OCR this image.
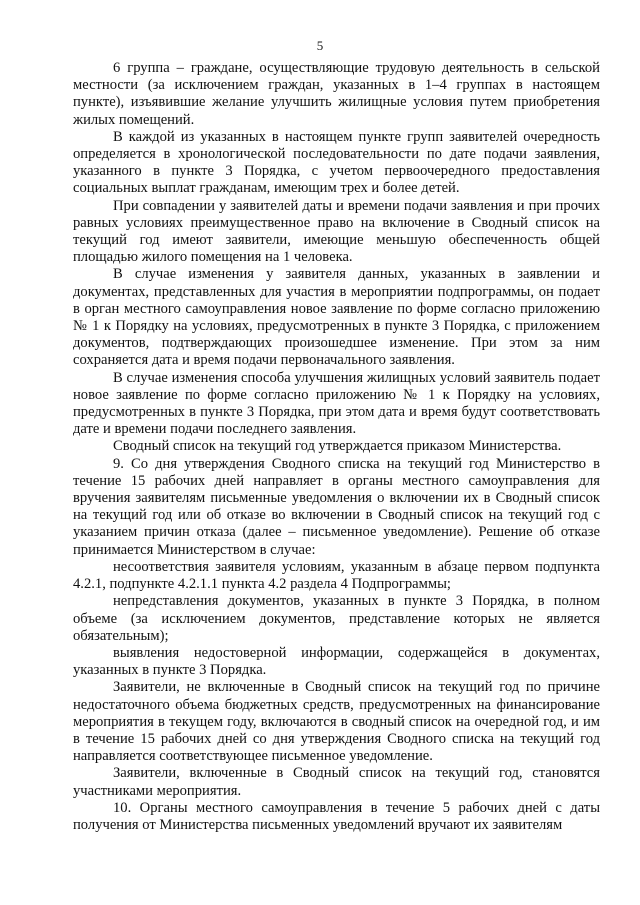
5

6 группа – граждане, осуществляющие трудовую деятельность в сельской местности (за исключением граждан, указанных в 1–4 группах в настоящем пункте), изъявившие желание улучшить жилищные условия путем приобретения жилых помещений.

В каждой из указанных в настоящем пункте групп заявителей очередность определяется в хронологической последовательности по дате подачи заявления, указанного в пункте 3 Порядка, с учетом первоочередного предоставления социальных выплат гражданам, имеющим трех и более детей.

При совпадении у заявителей даты и времени подачи заявления и при прочих равных условиях преимущественное право на включение в Сводный список на текущий год имеют заявители, имеющие меньшую обеспеченность общей площадью жилого помещения на 1 человека.

В случае изменения у заявителя данных, указанных в заявлении и документах, представленных для участия в мероприятии подпрограммы, он подает в орган местного самоуправления новое заявление по форме согласно приложению № 1 к Порядку на условиях, предусмотренных в пункте 3 Порядка, с приложением документов, подтверждающих произошедшее изменение. При этом за ним сохраняется дата и время подачи первоначального заявления.

В случае изменения способа улучшения жилищных условий заявитель подает новое заявление по форме согласно приложению № 1 к Порядку на условиях, предусмотренных в пункте 3 Порядка, при этом дата и время будут соответствовать дате и времени подачи последнего заявления.

Сводный список на текущий год утверждается приказом Министерства.

9. Со дня утверждения Сводного списка на текущий год Министерство в течение 15 рабочих дней направляет в органы местного самоуправления для вручения заявителям письменные уведомления о включении их в Сводный список на текущий год или об отказе во включении в Сводный список на текущий год с указанием причин отказа (далее – письменное уведомление). Решение об отказе принимается Министерством в случае:

несоответствия заявителя условиям, указанным в абзаце первом подпункта 4.2.1, подпункте 4.2.1.1 пункта 4.2 раздела 4 Подпрограммы;

непредставления документов, указанных в пункте 3 Порядка, в полном объеме (за исключением документов, представление которых не является обязательным);

выявления недостоверной информации, содержащейся в документах, указанных в пункте 3 Порядка.

Заявители, не включенные в Сводный список на текущий год по причине недостаточного объема бюджетных средств, предусмотренных на финансирование мероприятия в текущем году, включаются в сводный список на очередной год, и им в течение 15 рабочих дней со дня утверждения Сводного списка на текущий год направляется соответствующее письменное уведомление.

Заявители, включенные в Сводный список на текущий год, становятся участниками мероприятия.

10. Органы местного самоуправления в течение 5 рабочих дней с даты получения от Министерства письменных уведомлений вручают их заявителям
